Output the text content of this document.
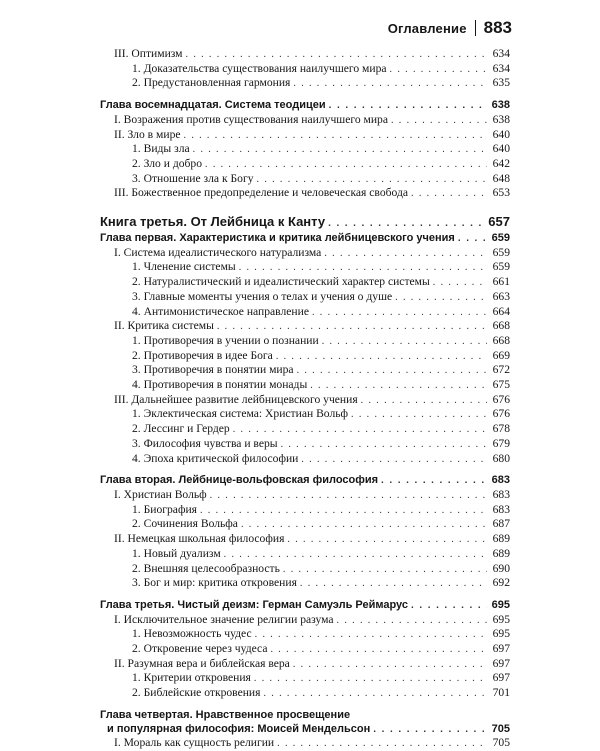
Оглавление 883
III. Оптимизм . . .	634
1. Доказательства существования наилучшего мира . . .	634
2. Предустановленная гармония . . .	635
Глава восемнадцатая. Система теодицеи . . .	638
I. Возражения против существования наилучшего мира . . .	638
II. Зло в мире . . .	640
1. Виды зла . . .	640
2. Зло и добро . . .	642
3. Отношение зла к Богу . . .	648
III. Божественное предопределение и человеческая свобода . . .	653
Книга третья. От Лейбница к Канту . . .	657
Глава первая. Характеристика и критика лейбницевского учения . . .	659
I. Система идеалистического натурализма . . .	659
1. Членение системы . . .	659
2. Натуралистический и идеалистический характер системы . . .	661
3. Главные моменты учения о телах и учения о душе . . .	663
4. Антимонистическое направление . . .	664
II. Критика системы . . .	668
1. Противоречия в учении о познании . . .	668
2. Противоречия в идее Бога . . .	669
3. Противоречия в понятии мира . . .	672
4. Противоречия в понятии монады . . .	675
III. Дальнейшее развитие лейбницевского учения . . .	676
1. Эклектическая система: Христиан Вольф . . .	676
2. Лессинг и Гердер . . .	678
3. Философия чувства и веры . . .	679
4. Эпоха критической философии . . .	680
Глава вторая. Лейбнице-вольфовская философия . . .	683
I. Христиан Вольф . . .	683
1. Биография . . .	683
2. Сочинения Вольфа . . .	687
II. Немецкая школьная философия . . .	689
1. Новый дуализм . . .	689
2. Внешняя целесообразность . . .	690
3. Бог и мир: критика откровения . . .	692
Глава третья. Чистый деизм: Герман Самуэль Реймарус . . .	695
I. Исключительное значение религии разума . . .	695
1. Невозможность чудес . . .	695
2. Откровение через чудеса . . .	697
II. Разумная вера и библейская вера . . .	697
1. Критерии откровения . . .	697
2. Библейские откровения . . .	701
Глава четвертая. Нравственное просвещение
и популярная философия: Моисей Мендельсон . . .	705
I. Мораль как сущность религии . . .	705
